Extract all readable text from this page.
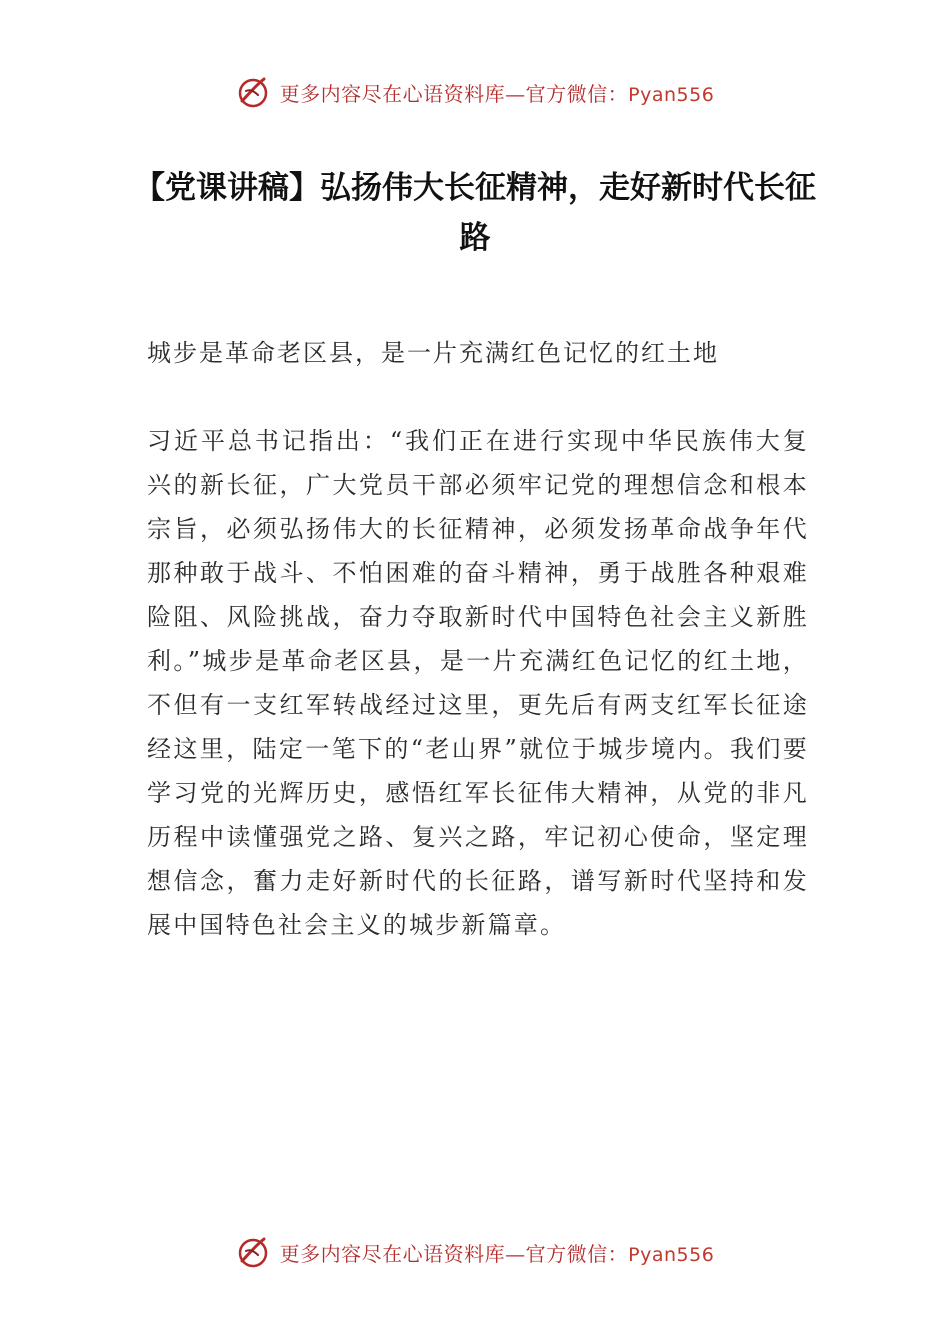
更多内容尽在心语资料库—官方微信：Pyan556
【党课讲稿】弘扬伟大长征精神，走好新时代长征路

城步是革命老区县，是一片充满红色记忆的红土地

习近平总书记指出：“我们正在进行实现中华民族伟大复兴的新长征，广大党员干部必须牢记党的理想信念和根本宗旨，必须弘扬伟大的长征精神，必须发扬革命战争年代那种敢于战斗、不怕困难的奋斗精神，勇于战胜各种艰难险阻、风险挑战，奋力夺取新时代中国特色社会主义新胜利。”城步是革命老区县，是一片充满红色记忆的红土地，不但有一支红军转战经过这里，更先后有两支红军长征途经这里，陆定一笔下的“老山界”就位于城步境内。我们要学习党的光辉历史，感悟红军长征伟大精神，从党的非凡历程中读懂强党之路、复兴之路，牢记初心使命，坚定理想信念，奮力走好新时代的长征路，谱写新时代坚持和发展中国特色社会主义的城步新篇章。

更多内容尽在心语资料库—官方微信：Pyan556
